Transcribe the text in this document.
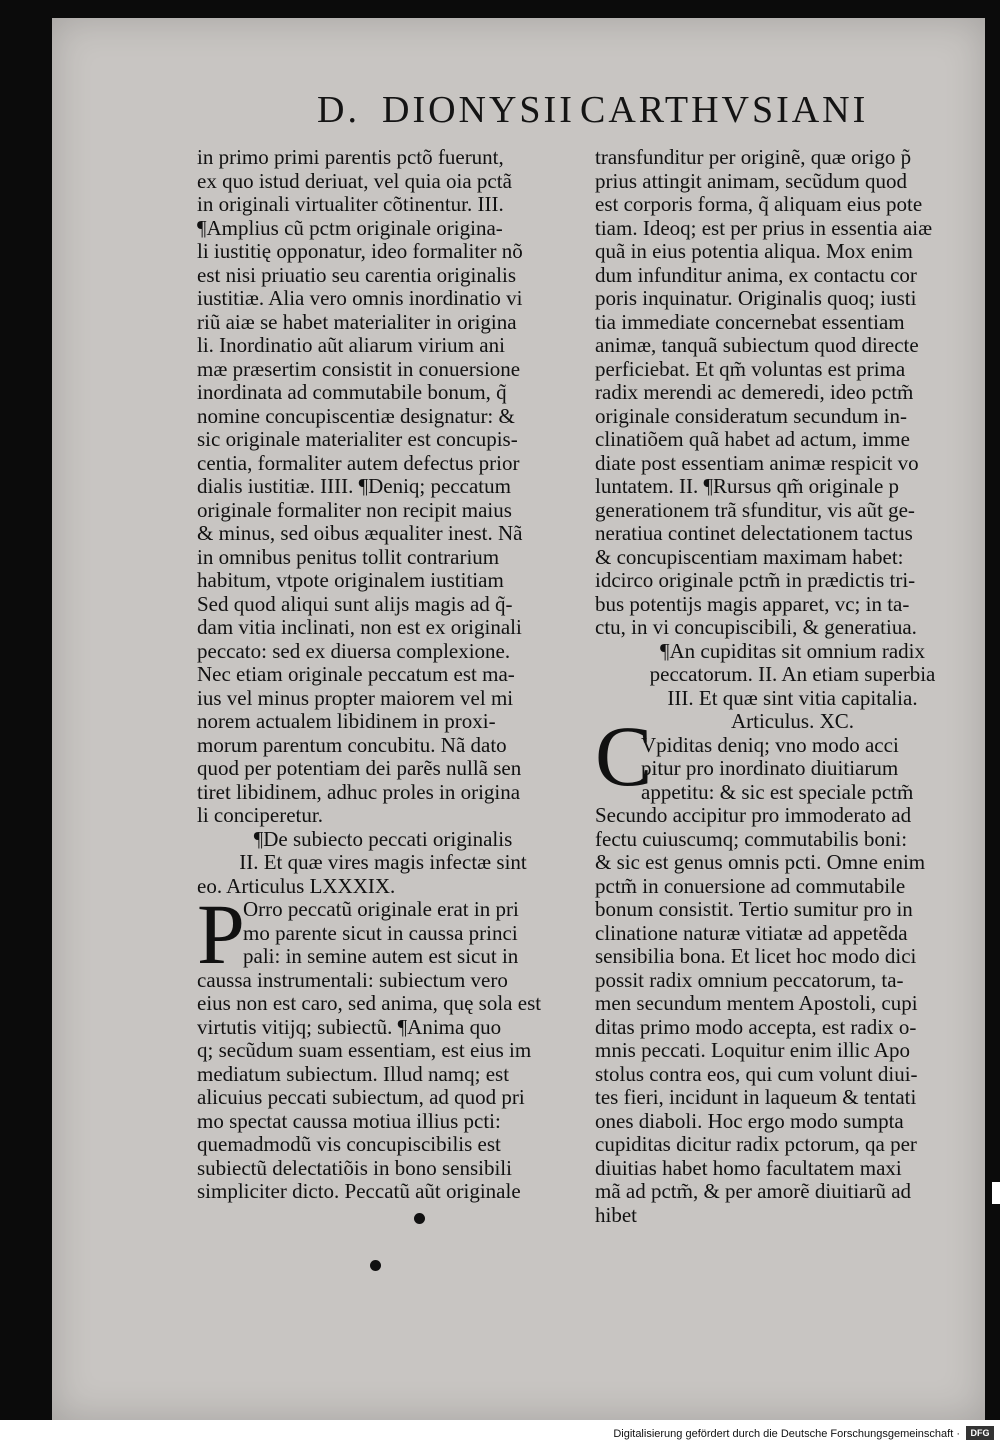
D. DIONYSII CARTHVSIANI
in primo primi parentis pctõ fuerunt,
ex quo istud deriuat, vel quia oia pctã
in originali virtualiter cõtinentur. III.
¶Amplius cũ pctm originale origina-
li iustitię opponatur, ideo formaliter nõ
est nisi priuatio seu carentia originalis
iustitiæ. Alia vero omnis inordinatio vi
riũ aiæ se habet materialiter in origina
li. Inordinatio aũt aliarum virium ani
mæ præsertim consistit in conuersione
inordinata ad commutabile bonum, q̃
nomine concupiscentiæ designatur: &
sic originale materialiter est concupis-
centia, formaliter autem defectus prior
dialis iustitiæ. IIII. ¶Deniq; peccatum
originale formaliter non recipit maius
& minus, sed oibus æqualiter inest. Nã
in omnibus penitus tollit contrarium
habitum, vtpote originalem iustitiam
Sed quod aliqui sunt alijs magis ad q̃-
dam vitia inclinati, non est ex originali
peccato: sed ex diuersa complexione.
Nec etiam originale peccatum est ma-
ius vel minus propter maiorem vel mi
norem actualem libidinem in proxi-
morum parentum concubitu. Nã dato
quod per potentiam dei parẽs nullã sen
tiret libidinem, adhuc proles in origina
li conciperetur.
¶De subiecto peccati originalis
II. Et quæ vires magis infectæ sint
eo. Articulus LXXXIX.
Orro peccatũ originale erat in pri
mo parente sicut in caussa princi
pali: in semine autem est sicut in
caussa instrumentali: subiectum vero
eius non est caro, sed anima, quę sola est
virtutis vitijq; subiectũ. ¶Anima quo
q; secũdum suam essentiam, est eius im
mediatum subiectum. Illud namq; est
alicuius peccati subiectum, ad quod pri
mo spectat caussa motiua illius pcti:
quemadmodũ vis concupiscibilis est
subiectũ delectatiõis in bono sensibili
simpliciter dicto. Peccatũ aũt originale
transfunditur per originẽ, quæ origo p̃
prius attingit animam, secũdum quod
est corporis forma, q̃ aliquam eius pote
tiam. Ideoq; est per prius in essentia aiæ
quã in eius potentia aliqua. Mox enim
dum infunditur anima, ex contactu cor
poris inquinatur. Originalis quoq; iusti
tia immediate concernebat essentiam
animæ, tanquã subiectum quod directe
perficiebat. Et qm̃ voluntas est prima
radix merendi ac demeredi, ideo pctm̃
originale consideratum secundum in-
clinatiõem quã habet ad actum, imme
diate post essentiam animæ respicit vo
luntatem. II. ¶Rursus qm̃ originale p
generationem trã sfunditur, vis aũt ge-
neratiua continet delectationem tactus
& concupiscentiam maximam habet:
idcirco originale pctm̃ in prædictis tri-
bus potentijs magis apparet, vc; in ta-
ctu, in vi concupiscibili, & generatiua.
¶An cupiditas sit omnium radix
peccatorum. II. An etiam superbia
III. Et quæ sint vitia capitalia.
Articulus. XC.
Vpiditas deniq; vno modo acci
pitur pro inordinato diuitiarum
appetitu: & sic est speciale pctm̃
Secundo accipitur pro immoderato ad
fectu cuiuscumq; commutabilis boni:
& sic est genus omnis pcti. Omne enim
pctm̃ in conuersione ad commutabile
bonum consistit. Tertio sumitur pro in
clinatione naturæ vitiatæ ad appetẽda
sensibilia bona. Et licet hoc modo dici
possit radix omnium peccatorum, ta-
men secundum mentem Apostoli, cupi
ditas primo modo accepta, est radix o-
mnis peccati. Loquitur enim illic Apo
stolus contra eos, qui cum volunt diui-
tes fieri, incidunt in laqueum & tentati
ones diaboli. Hoc ergo modo sumpta
cupiditas dicitur radix pctorum, qa per
diuitias habet homo facultatem maxi
mã ad pctm̃, & per amorẽ diuitiarũ ad
hibet
P
C
Digitalisierung gefördert durch die Deutsche Forschungsgemeinschaft ·	DFG
